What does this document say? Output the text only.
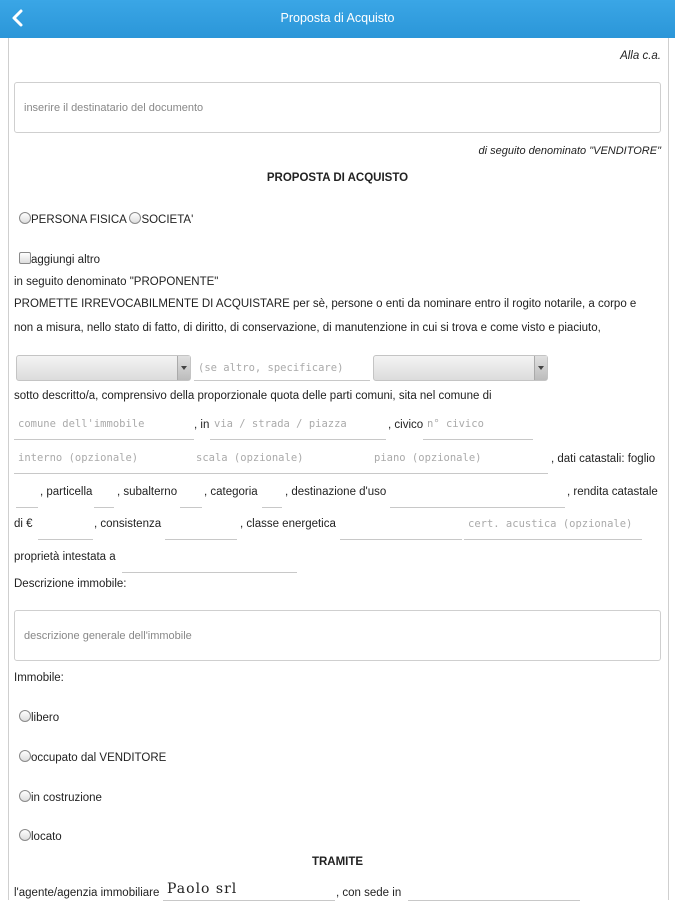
Proposta di Acquisto
Alla c.a.
inserire il destinatario del documento
di seguito denominato "VENDITORE"
PROPOSTA DI ACQUISTO
PERSONA FISICA SOCIETA'
aggiungi altro
in seguito denominato "PROPONENTE"
PROMETTE IRREVOCABILMENTE DI ACQUISTARE per sè, persone o enti da nominare entro il rogito notarile, a corpo e
non a misura, nello stato di fatto, di diritto, di conservazione, di manutenzione in cui si trova e come visto e piaciuto,
(se altro, specificare)
sotto descritto/a, comprensivo della proporzionale quota delle parti comuni, sita nel comune di
comune dell'immobile	, in via / strada / piazza	, civico n° civico
interno (opzionale)	scala (opzionale)	piano (opzionale)	, dati catastali: foglio
, particella , subalterno , categoria , destinazione d'uso	, rendita catastale
di €	, consistenza	, classe energetica	cert. acustica (opzionale)
proprietà intestata a
Descrizione immobile:
descrizione generale dell'immobile
Immobile:
libero
occupato dal VENDITORE
in costruzione
locato
TRAMITE
l'agente/agenzia immobiliare Paolo srl	, con sede in
